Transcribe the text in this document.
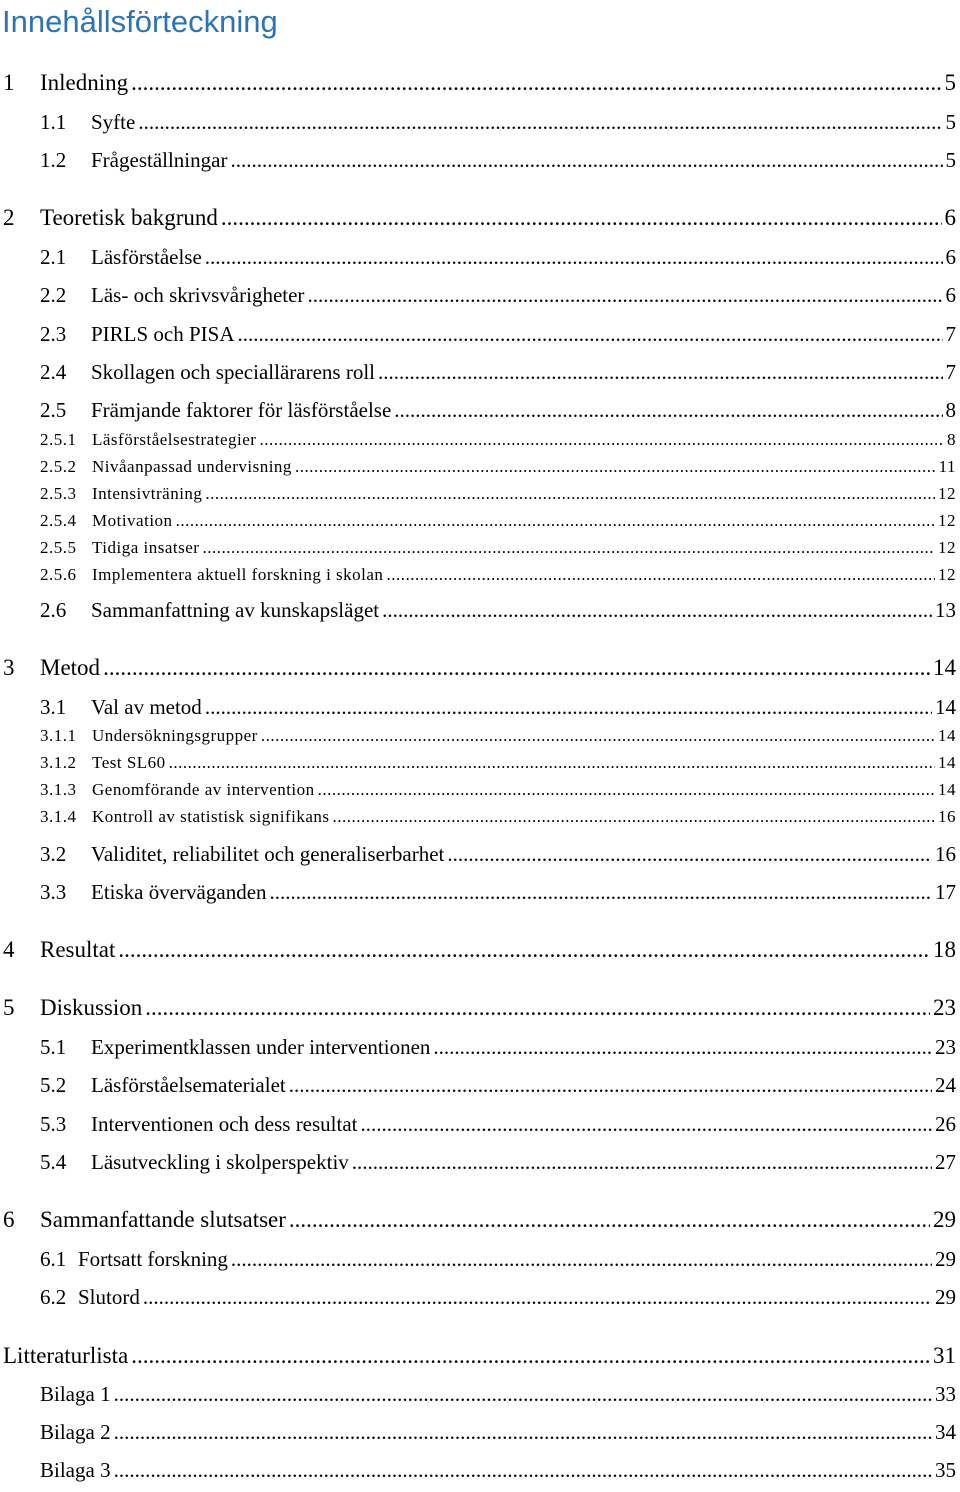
Innehållsförteckning
1	Inledning .....	5
1.1	Syfte .....	5
1.2	Frågeställningar .....	5
2	Teoretisk bakgrund .....	6
2.1	Läsförståelse .....	6
2.2	Läs- och skrivsvårigheter .....	6
2.3	PIRLS och PISA .....	7
2.4	Skollagen och speciallärarens roll .....	7
2.5	Främjande faktorer för läsförståelse .....	8
2.5.1 Läsförståelsestrategier .....	8
2.5.2 Nivåanpassad undervisning .....	11
2.5.3 Intensivträning .....	12
2.5.4 Motivation .....	12
2.5.5 Tidiga insatser .....	12
2.5.6 Implementera aktuell forskning i skolan .....	12
2.6	Sammanfattning av kunskapsläget .....	13
3	Metod .....	14
3.1	Val av metod .....	14
3.1.1 Undersökningsgrupper .....	14
3.1.2 Test SL60 .....	14
3.1.3 Genomförande av intervention .....	14
3.1.4 Kontroll av statistisk signifikans .....	16
3.2	Validitet, reliabilitet och generaliserbarhet .....	16
3.3	Etiska överväganden .....	17
4	Resultat .....	18
5	Diskussion .....	23
5.1	Experimentklassen under interventionen .....	23
5.2	Läsförståelsematerialet .....	24
5.3	Interventionen och dess resultat .....	26
5.4	Läsutveckling i skolperspektiv .....	27
6	Sammanfattande slutsatser .....	29
6.1 Fortsatt forskning .....	29
6.2 Slutord .....	29
Litteraturlista .....	31
Bilaga 1 .....	33
Bilaga 2 .....	34
Bilaga 3 .....	35
